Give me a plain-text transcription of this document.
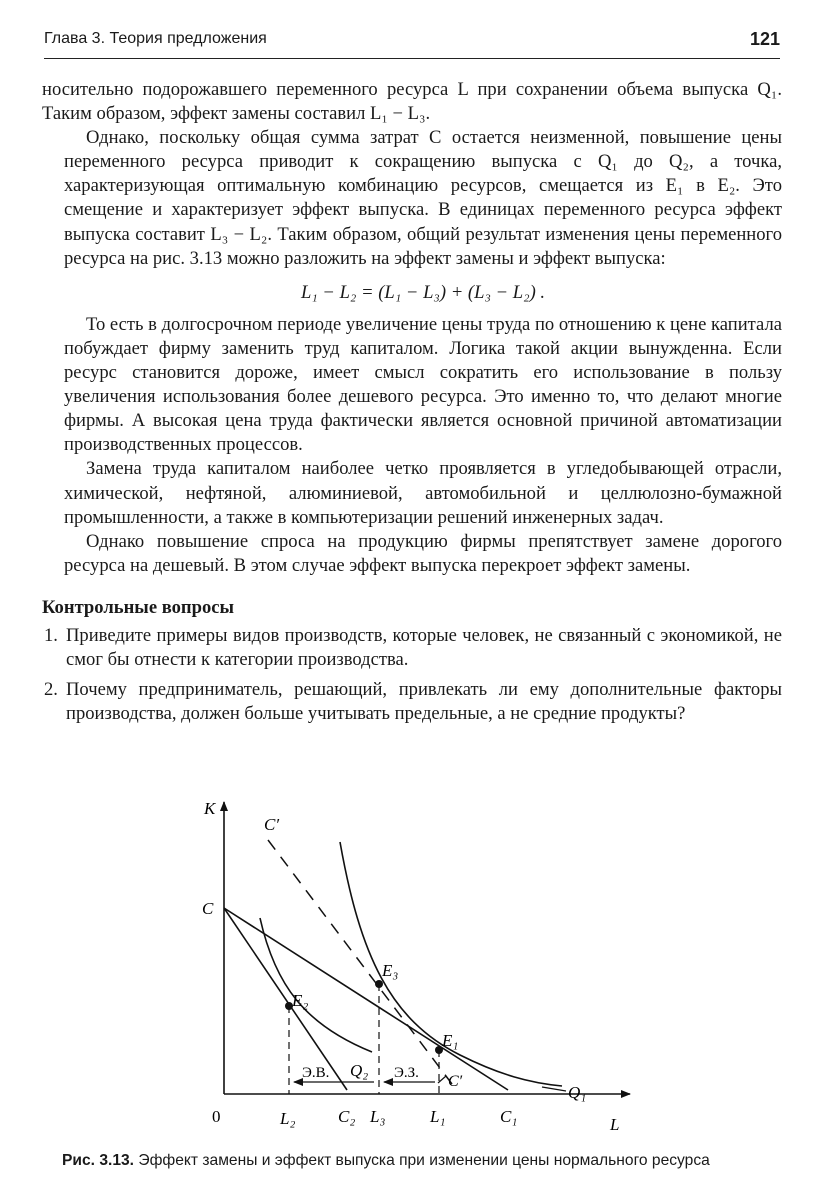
Глава 3. Теория предложения	121

носительно подорожавшего переменного ресурса L при сохранении объема выпуска Q₁. Таким образом, эффект замены составил L₁ − L₃.

Однако, поскольку общая сумма затрат C остается неизменной, повышение цены переменного ресурса приводит к сокращению выпуска с Q₁ до Q₂, а точка, характеризующая оптимальную комбинацию ресурсов, смещается из E₁ в E₂. Это смещение и характеризует эффект выпуска. В единицах переменного ресурса эффект выпуска составит L₃ − L₂. Таким образом, общий результат изменения цены переменного ресурса на рис. 3.13 можно разложить на эффект замены и эффект выпуска:

L₁ − L₂ = (L₁ − L₃) + (L₃ − L₂) .

То есть в долгосрочном периоде увеличение цены труда по отношению к цене капитала побуждает фирму заменить труд капиталом. Логика такой акции вынужденна. Если ресурс становится дороже, имеет смысл сократить его использование в пользу увеличения использования более дешевого ресурса. Это именно то, что делают многие фирмы. А высокая цена труда фактически является основной причиной автоматизации производственных процессов.

Замена труда капиталом наиболее четко проявляется в угледобывающей отрасли, химической, нефтяной, алюминиевой, автомобильной и целлюлозно-бумажной промышленности, а также в компьютеризации решений инженерных задач.

Однако повышение спроса на продукцию фирмы препятствует замене дорогого ресурса на дешевый. В этом случае эффект выпуска перекроет эффект замены.

Контрольные вопросы

1. Приведите примеры видов производств, которые человек, не связанный с экономикой, не смог бы отнести к категории производства.
2. Почему предприниматель, решающий, привлекать ли ему дополнительные факторы производства, должен больше учитывать предельные, а не средние продукты?
K
L
0
C
C′
C′
C₁
C₂
E₁
E₂
E₃
Q₁
Q₂
L₁
L₂	L₃
Э.В.	Э.З.
Рис. 3.13. Эффект замены и эффект выпуска при изменении цены нормального ресурса
